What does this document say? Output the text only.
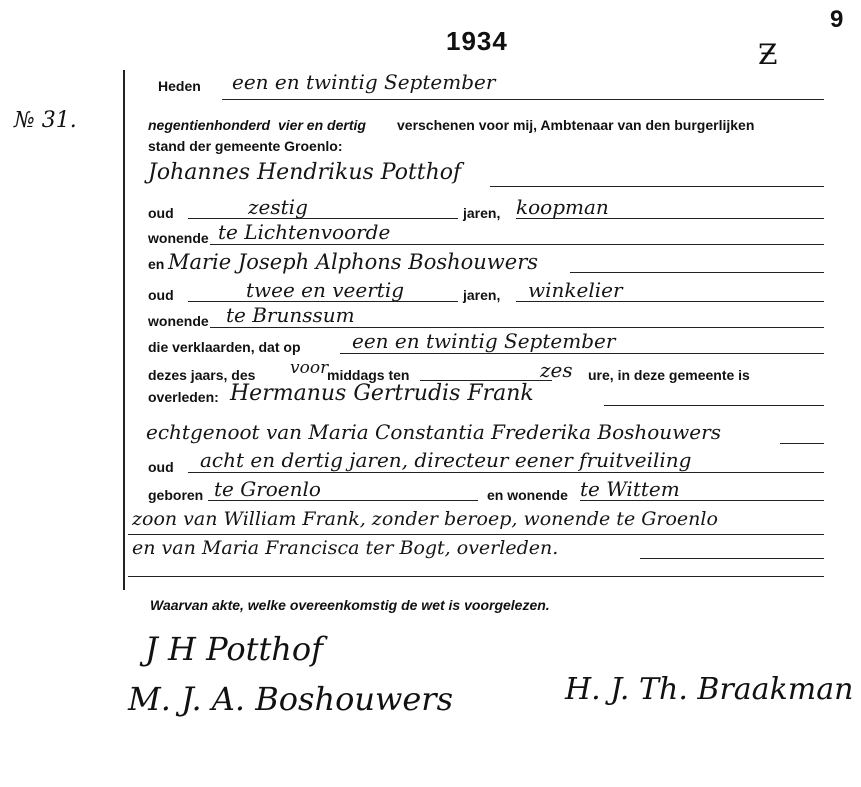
1934
9
Ƶ
№ 31.
Heden een en twintig September
negentienhonderd vier en dertig verschenen voor mij, Ambtenaar van den burgerlijken
stand der gemeente Groenlo:
Johannes Hendrikus Potthof
oud	zestig	jaren, koopman
wonende te Lichtenvoorde
en Marie Joseph Alphons Boshouwers
oud	twee en veertig	jaren, winkelier
wonende te Brunssum
die verklaarden, dat op	een en twintig September
dezes jaars, des voor
middags ten	zes ure, in deze gemeente is
overleden: Hermanus Gertrudis Frank
echtgenoot van Maria Constantia Frederika Boshouwers
oud acht en dertig jaren, directeur eener fruitveiling
geboren te Groenlo	en wonende te Wittem
zoon van William Frank, zonder beroep, wonende te Groenlo
en van Maria Francisca ter Bogt, overleden.
Waarvan akte, welke overeenkomstig de wet is voorgelezen.
J H Potthof
M. J. A. Boshouwers	H. J. Th. Braakman
